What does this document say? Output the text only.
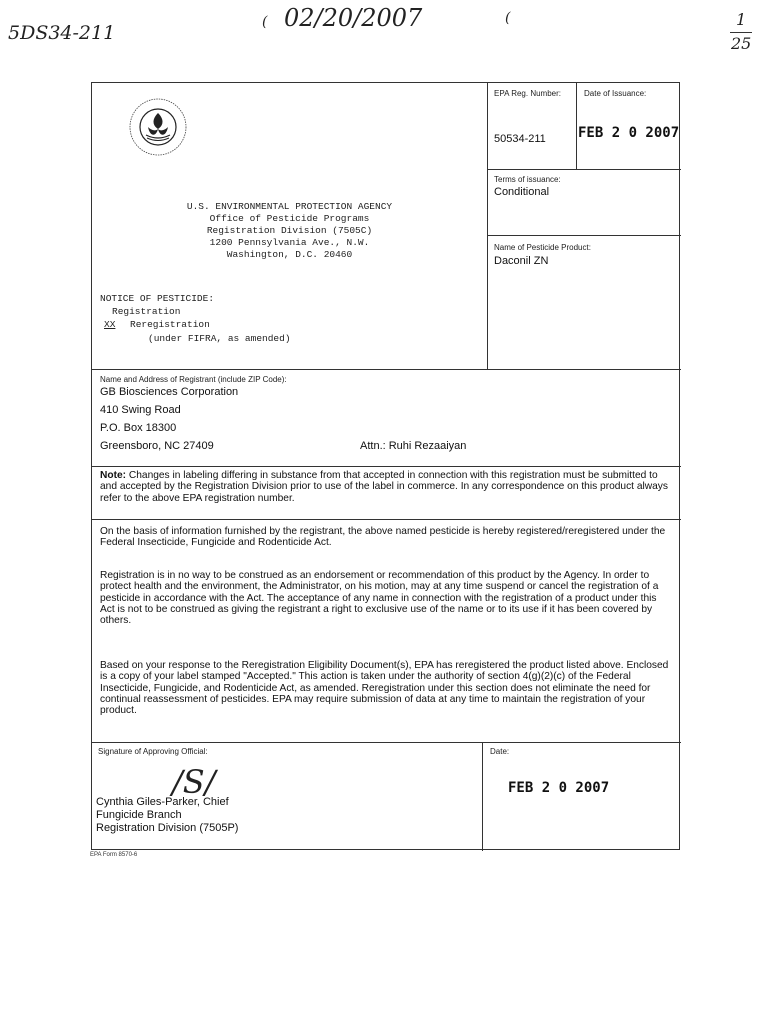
5DS34-211	( 02/20/2007	(	1
25
U.S. ENVIRONMENTAL PROTECTION AGENCY
Office of Pesticide Programs
Registration Division (7505C)
1200 Pennsylvania Ave., N.W.
Washington, D.C. 20460
NOTICE OF PESTICIDE:
Registration
XX Reregistration
(under FIFRA, as amended)
EPA Reg. Number:
50534-211
Date of Issuance:
FEB 2 0 2007
Terms of issuance:
Conditional
Name of Pesticide Product:
Daconil ZN
Name and Address of Registrant (include ZIP Code):
GB Biosciences Corporation
410 Swing Road
P.O. Box 18300
Greensboro, NC 27409	Attn.: Ruhi Rezaaiyan
Note: Changes in labeling differing in substance from that accepted in connection with this registration must be submitted to and accepted by the Registration Division prior to use of the label in commerce. In any correspondence on this product always refer to the above EPA registration number.
On the basis of information furnished by the registrant, the above named pesticide is hereby registered/reregistered under the Federal Insecticide, Fungicide and Rodenticide Act.
Registration is in no way to be construed as an endorsement or recommendation of this product by the Agency. In order to protect health and the environment, the Administrator, on his motion, may at any time suspend or cancel the registration of a pesticide in accordance with the Act. The acceptance of any name in connection with the registration of a product under this Act is not to be construed as giving the registrant a right to exclusive use of the name or to its use if it has been covered by others.
Based on your response to the Reregistration Eligibility Document(s), EPA has reregistered the product listed above. Enclosed is a copy of your label stamped "Accepted." This action is taken under the authority of section 4(g)(2)(c) of the Federal Insecticide, Fungicide, and Rodenticide Act, as amended. Reregistration under this section does not eliminate the need for continual reassessment of pesticides. EPA may require submission of data at any time to maintain the registration of your product.
Signature of Approving Official:
/S/
Cynthia Giles-Parker, Chief
Fungicide Branch
Registration Division (7505P)
Date:
FEB 2 0 2007
EPA Form 8570-6
